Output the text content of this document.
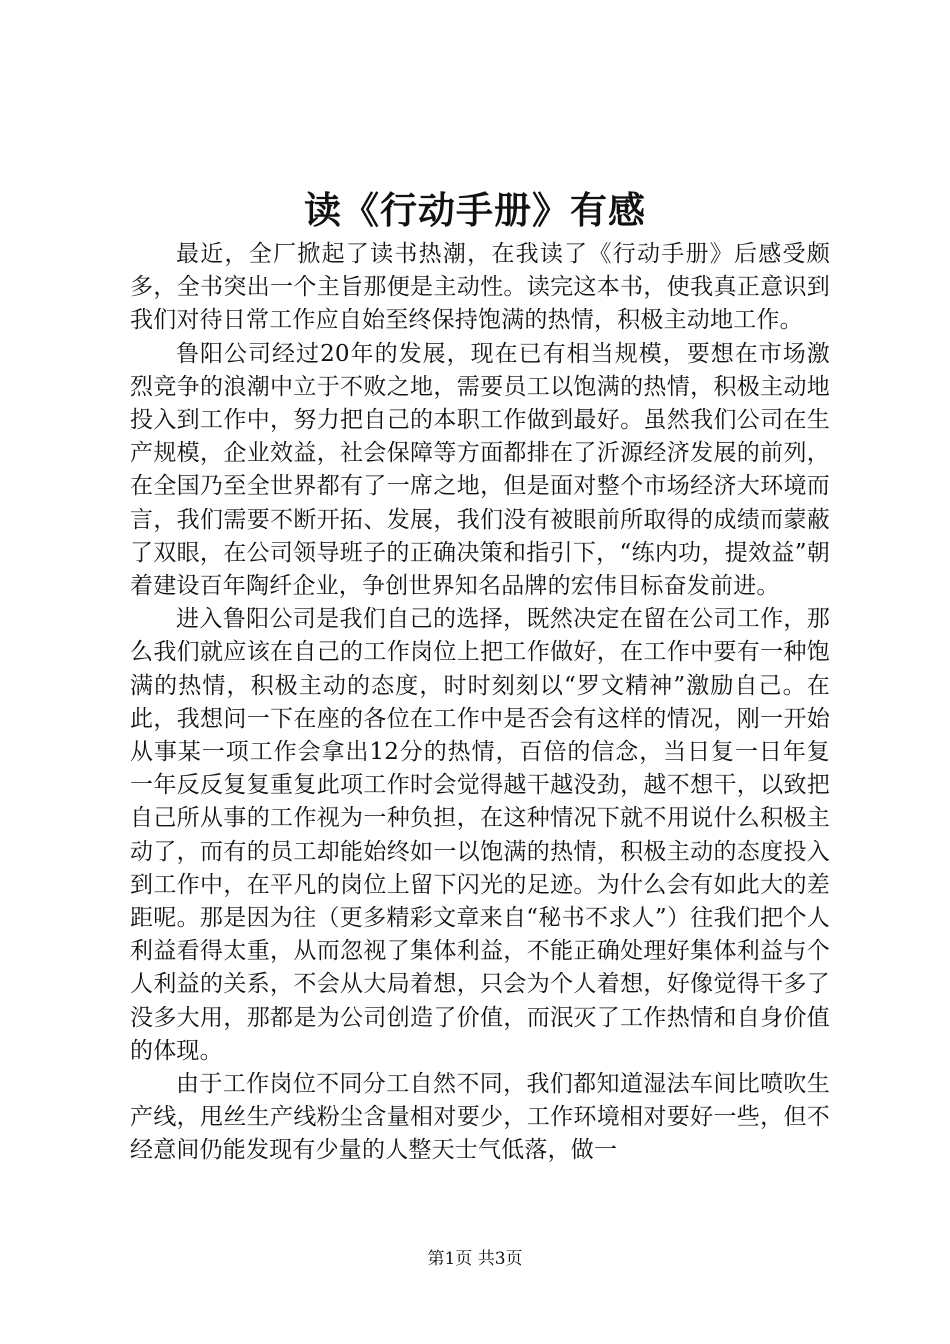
读《行动手册》有感

最近，全厂掀起了读书热潮，在我读了《行动手册》后感受颇多，全书突出一个主旨那便是主动性。读完这本书，使我真正意识到我们对待日常工作应自始至终保持饱满的热情，积极主动地工作。

鲁阳公司经过20年的发展，现在已有相当规模，要想在市场激烈竞争的浪潮中立于不败之地，需要员工以饱满的热情，积极主动地投入到工作中，努力把自己的本职工作做到最好。虽然我们公司在生产规模，企业效益，社会保障等方面都排在了沂源经济发展的前列，在全国乃至全世界都有了一席之地，但是面对整个市场经济大环境而言，我们需要不断开拓、发展，我们没有被眼前所取得的成绩而蒙蔽了双眼，在公司领导班子的正确决策和指引下，“练内功，提效益”朝着建设百年陶纤企业，争创世界知名品牌的宏伟目标奋发前进。

进入鲁阳公司是我们自己的选择，既然决定在留在公司工作，那么我们就应该在自己的工作岗位上把工作做好，在工作中要有一种饱满的热情，积极主动的态度，时时刻刻以“罗文精神”激励自己。在此，我想问一下在座的各位在工作中是否会有这样的情况，刚一开始从事某一项工作会拿出12分的热情，百倍的信念，当日复一日年复一年反反复复重复此项工作时会觉得越干越没劲，越不想干，以致把自己所从事的工作视为一种负担，在这种情况下就不用说什么积极主动了，而有的员工却能始终如一以饱满的热情，积极主动的态度投入到工作中，在平凡的岗位上留下闪光的足迹。为什么会有如此大的差距呢。那是因为往（更多精彩文章来自“秘书不求人”）往我们把个人利益看得太重，从而忽视了集体利益，不能正确处理好集体利益与个人利益的关系，不会从大局着想，只会为个人着想，好像觉得干多了没多大用，那都是为公司创造了价值，而泯灭了工作热情和自身价值的体现。

由于工作岗位不同分工自然不同，我们都知道湿法车间比喷吹生产线，甩丝生产线粉尘含量相对要少，工作环境相对要好一些，但不经意间仍能发现有少量的人整天士气低落，做一

第1页 共3页
